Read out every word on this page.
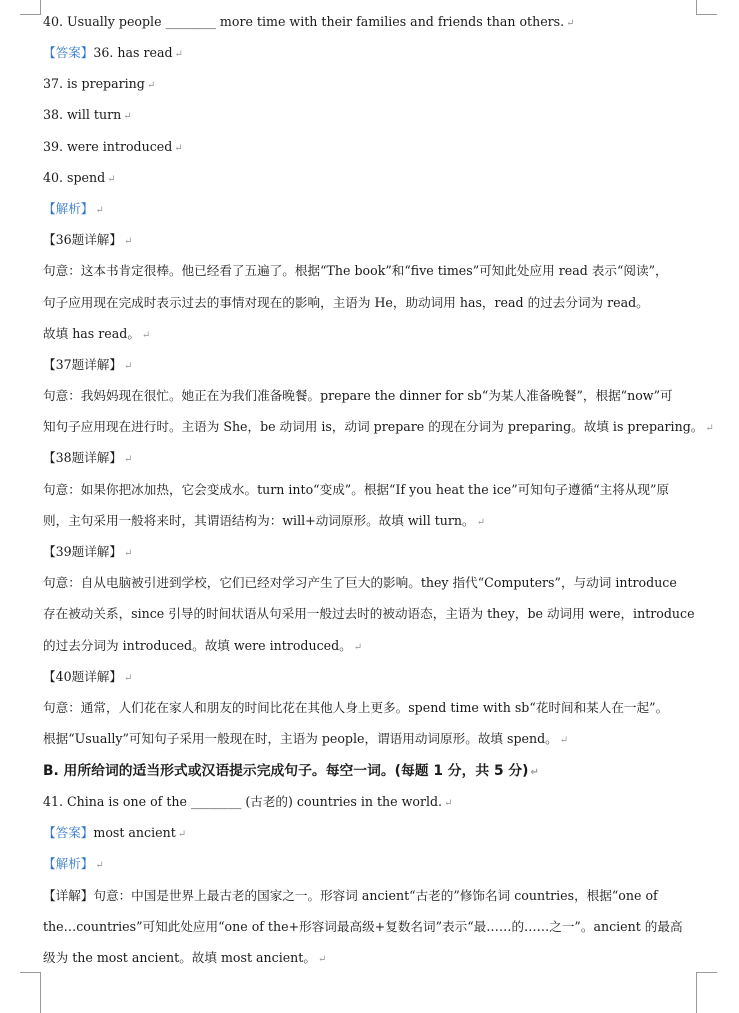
40. Usually people ________ more time with their families and friends than others. ↵
【答案】36. has read ↵
37. is preparing ↵
38. will turn ↵
39. were introduced ↵
40. spend ↵
【解析】 ↵
【36题详解】 ↵
句意：这本书肯定很棒。他已经看了五遍了。根据“The book”和“five times”可知此处应用 read 表示“阅读”，
句子应用现在完成时表示过去的事情对现在的影响，主语为 He，助动词用 has，read 的过去分词为 read。
故填 has read。 ↵
【37题详解】 ↵
句意：我妈妈现在很忙。她正在为我们准备晚餐。prepare the dinner for sb“为某人准备晚餐”，根据“now”可
知句子应用现在进行时。主语为 She，be 动词用 is，动词 prepare 的现在分词为 preparing。故填 is preparing。 ↵
【38题详解】 ↵
句意：如果你把冰加热，它会变成水。turn into“变成”。根据“If you heat the ice”可知句子遵循“主将从现”原
则，主句采用一般将来时，其谓语结构为：will+动词原形。故填 will turn。 ↵
【39题详解】 ↵
句意：自从电脑被引进到学校，它们已经对学习产生了巨大的影响。they 指代“Computers”，与动词 introduce
存在被动关系，since 引导的时间状语从句采用一般过去时的被动语态，主语为 they，be 动词用 were，introduce
的过去分词为 introduced。故填 were introduced。 ↵
【40题详解】 ↵
句意：通常，人们花在家人和朋友的时间比花在其他人身上更多。spend time with sb“花时间和某人在一起”。
根据“Usually”可知句子采用一般现在时，主语为 people，谓语用动词原形。故填 spend。 ↵
B. 用所给词的适当形式或汉语提示完成句子。每空一词。(每题 1 分，共 5 分) ↵
41. China is one of the ________ (古老的) countries in the world. ↵
【答案】most ancient ↵
【解析】 ↵
【详解】句意：中国是世界上最古老的国家之一。形容词 ancient“古老的”修饰名词 countries，根据“one of
the…countries”可知此处应用“one of the+形容词最高级+复数名词”表示“最……的……之一”。ancient 的最高
级为 the most ancient。故填 most ancient。 ↵
